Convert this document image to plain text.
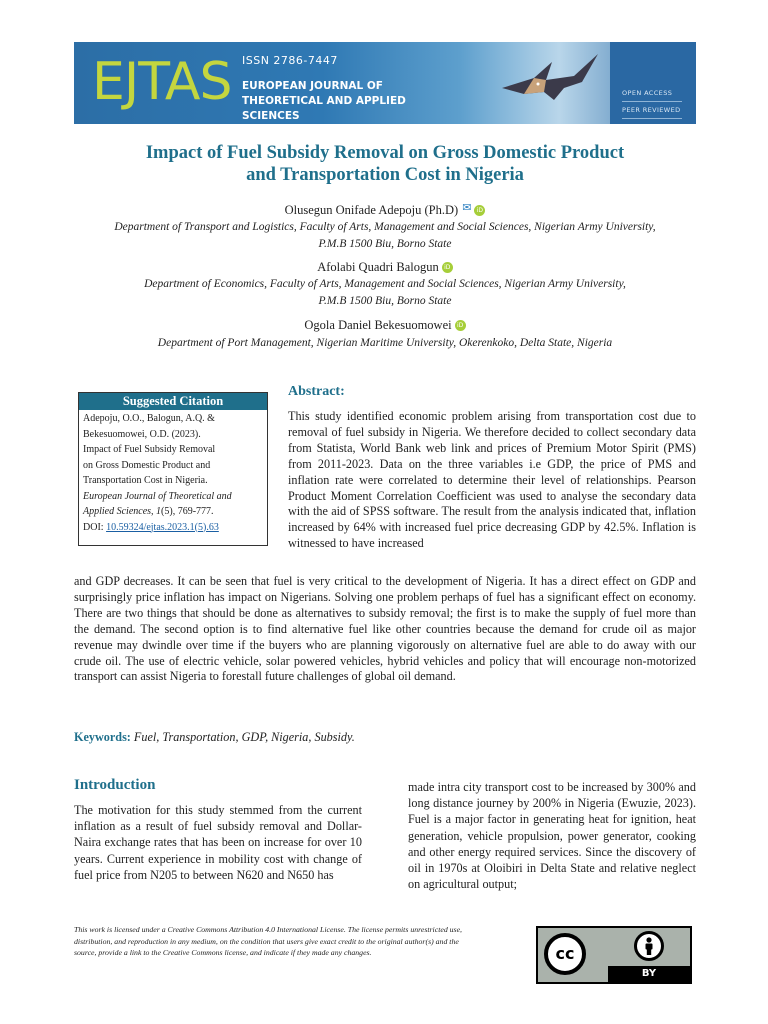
EJTAS ISSN 2786-7447
EUROPEAN JOURNAL OF
THEORETICAL AND APPLIED SCIENCES
OPEN ACCESS
PEER REVIEWED
Impact of Fuel Subsidy Removal on Gross Domestic Product
and Transportation Cost in Nigeria
Olusegun Onifade Adepoju (Ph.D) ✉ iD
Department of Transport and Logistics, Faculty of Arts, Management and Social Sciences, Nigerian Army University,
P.M.B 1500 Biu, Borno State
Afolabi Quadri Balogun iD
Department of Economics, Faculty of Arts, Management and Social Sciences, Nigerian Army University,
P.M.B 1500 Biu, Borno State
Ogola Daniel Bekesuomowei iD
Department of Port Management, Nigerian Maritime University, Okerenkoko, Delta State, Nigeria
Suggested Citation
Adepoju, O.O., Balogun, A.Q. &
Bekesuomowei, O.D. (2023).
Impact of Fuel Subsidy Removal
on Gross Domestic Product and
Transportation Cost in Nigeria.
European Journal of Theoretical and
Applied Sciences, 1(5), 769-777.
DOI: 10.59324/ejtas.2023.1(5).63
Abstract:
This study identified economic problem arising from transportation cost due to removal of fuel subsidy in Nigeria. We therefore decided to collect secondary data from Statista, World Bank web link and prices of Premium Motor Spirit (PMS) from 2011-2023. Data on the three variables i.e GDP, the price of PMS and inflation rate were correlated to determine their level of relationships. Pearson Product Moment Correlation Coefficient was used to analyse the secondary data with the aid of SPSS software. The result from the analysis indicated that, inflation increased by 64% with increased fuel price decreasing GDP by 42.5%. Inflation is witnessed to have increased
and GDP decreases. It can be seen that fuel is very critical to the development of Nigeria. It has a direct effect on GDP and surprisingly price inflation has impact on Nigerians. Solving one problem perhaps of fuel has a significant effect on economy. There are two things that should be done as alternatives to subsidy removal; the first is to make the supply of fuel more than the demand. The second option is to find alternative fuel like other countries because the demand for crude oil as major revenue may dwindle over time if the buyers who are planning vigorously on alternative fuel are able to do away with our crude oil. The use of electric vehicle, solar powered vehicles, hybrid vehicles and policy that will encourage non-motorized transport can assist Nigeria to forestall future challenges of global oil demand.
Keywords: Fuel, Transportation, GDP, Nigeria, Subsidy.
Introduction
The motivation for this study stemmed from the current inflation as a result of fuel subsidy removal and Dollar-Naira exchange rates that has been on increase for over 10 years. Current experience in mobility cost with change of fuel price from N205 to between N620 and N650 has
made intra city transport cost to be increased by 300% and long distance journey by 200% in Nigeria (Ewuzie, 2023). Fuel is a major factor in generating heat for ignition, heat generation, vehicle propulsion, power generator, cooking and other energy required services. Since the discovery of oil in 1970s at Oloibiri in Delta State and relative neglect on agricultural output;
This work is licensed under a Creative Commons Attribution 4.0 International License. The license permits unrestricted use, distribution, and reproduction in any medium, on the condition that users give exact credit to the original author(s) and the source, provide a link to the Creative Commons license, and indicate if they made any changes.	cc
BY
